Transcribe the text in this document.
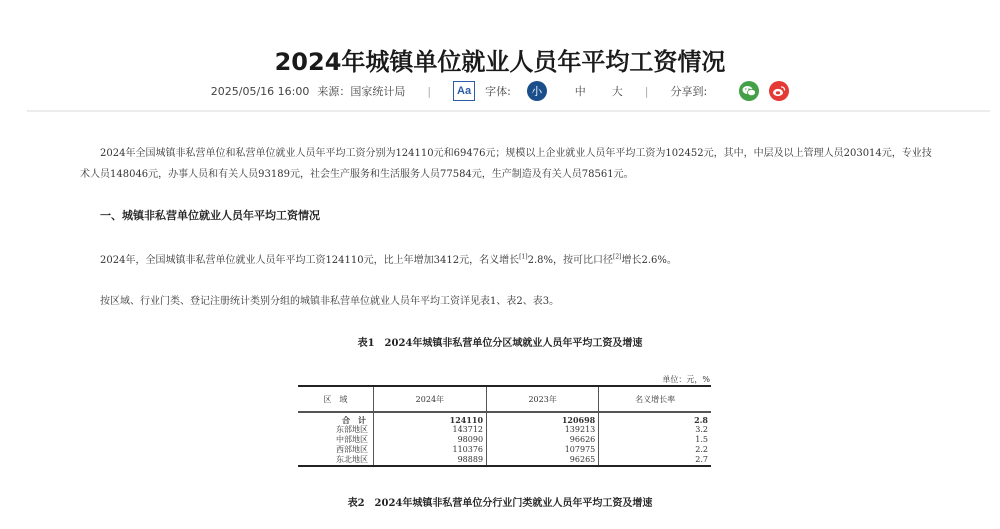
2024年城镇单位就业人员年平均工资情况
2025/05/16 16:00 来源：国家统计局 |	Aa	字体:	小	中 大 | 分享到:

2024年全国城镇非私营单位和私营单位就业人员年平均工资分别为124110元和69476元；规模以上企业就业人员年平均工资为102452元，其中，中层及以上管理人员203014元，专业技术人员148046元，办事人员和有关人员93189元，社会生产服务和生活服务人员77584元，生产制造及有关人员78561元。

一、城镇非私营单位就业人员年平均工资情况

2024年，全国城镇非私营单位就业人员年平均工资124110元，比上年增加3412元，名义增长[1]2.8%，按可比口径[2]增长2.6%。

按区域、行业门类、登记注册统计类别分组的城镇非私营单位就业人员年平均工资详见表1、表2、表3。

表1　2024年城镇非私营单位分区域就业人员年平均工资及增速
单位：元，%
区　域	2024年	2023年	名义增长率
合　计	124110	120698	2.8
东部地区	143712	139213	3.2
中部地区	98090	96626	1.5
西部地区	110376	107975	2.2
东北地区	98889	96265	2.7
表2　2024年城镇非私营单位分行业门类就业人员年平均工资及增速
